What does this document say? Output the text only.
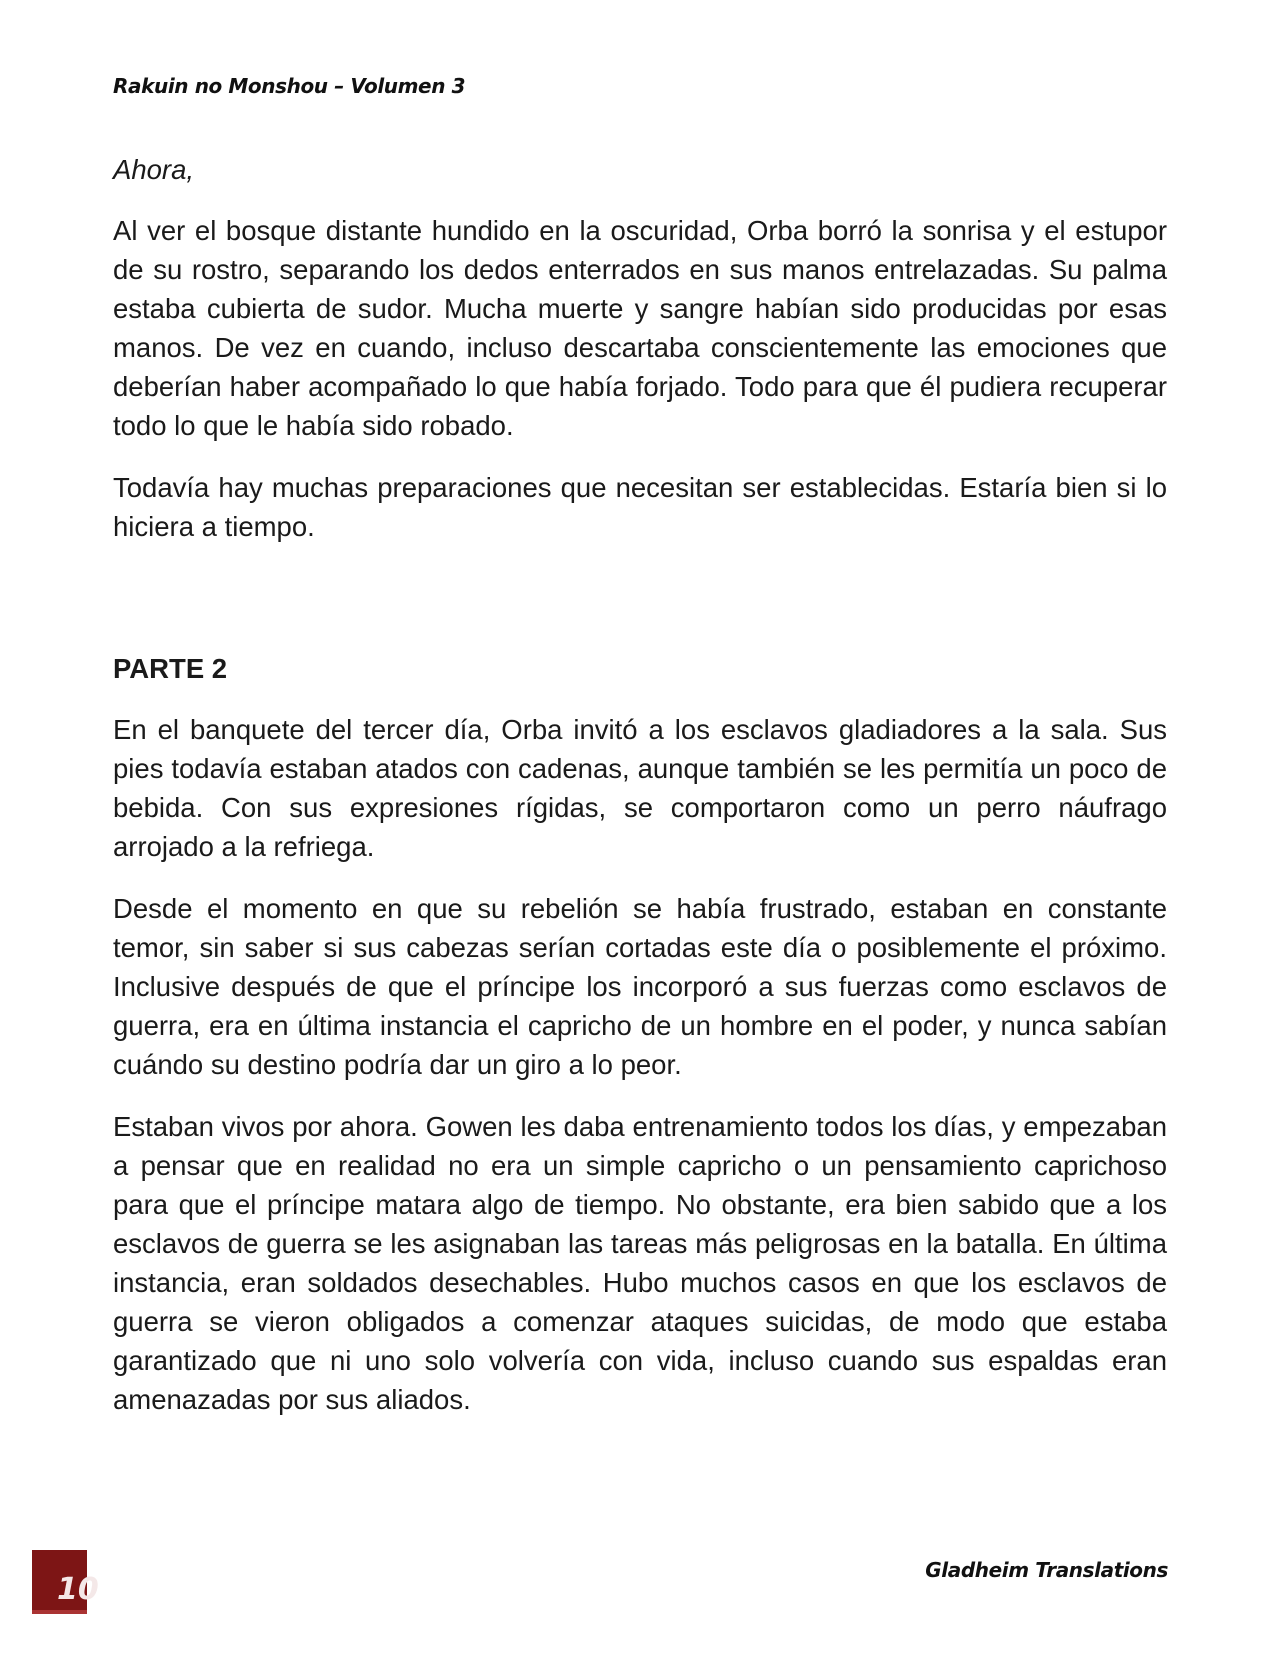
Rakuin no Monshou – Volumen 3

Ahora,

Al ver el bosque distante hundido en la oscuridad, Orba borró la sonrisa y el estupor de su rostro, separando los dedos enterrados en sus manos entrelazadas. Su palma estaba cubierta de sudor. Mucha muerte y sangre habían sido producidas por esas manos. De vez en cuando, incluso descartaba conscientemente las emociones que deberían haber acompañado lo que había forjado. Todo para que él pudiera recuperar todo lo que le había sido robado.

Todavía hay muchas preparaciones que necesitan ser establecidas. Estaría bien si lo hiciera a tiempo.

PARTE 2

En el banquete del tercer día, Orba invitó a los esclavos gladiadores a la sala. Sus pies todavía estaban atados con cadenas, aunque también se les permitía un poco de bebida. Con sus expresiones rígidas, se comportaron como un perro náufrago arrojado a la refriega.

Desde el momento en que su rebelión se había frustrado, estaban en constante temor, sin saber si sus cabezas serían cortadas este día o posiblemente el próximo. Inclusive después de que el príncipe los incorporó a sus fuerzas como esclavos de guerra, era en última instancia el capricho de un hombre en el poder, y nunca sabían cuándo su destino podría dar un giro a lo peor.

Estaban vivos por ahora. Gowen les daba entrenamiento todos los días, y empezaban a pensar que en realidad no era un simple capricho o un pensamiento caprichoso para que el príncipe matara algo de tiempo. No obstante, era bien sabido que a los esclavos de guerra se les asignaban las tareas más peligrosas en la batalla. En última instancia, eran soldados desechables. Hubo muchos casos en que los esclavos de guerra se vieron obligados a comenzar ataques suicidas, de modo que estaba garantizado que ni uno solo volvería con vida, incluso cuando sus espaldas eran amenazadas por sus aliados.

10
Gladheim Translations
